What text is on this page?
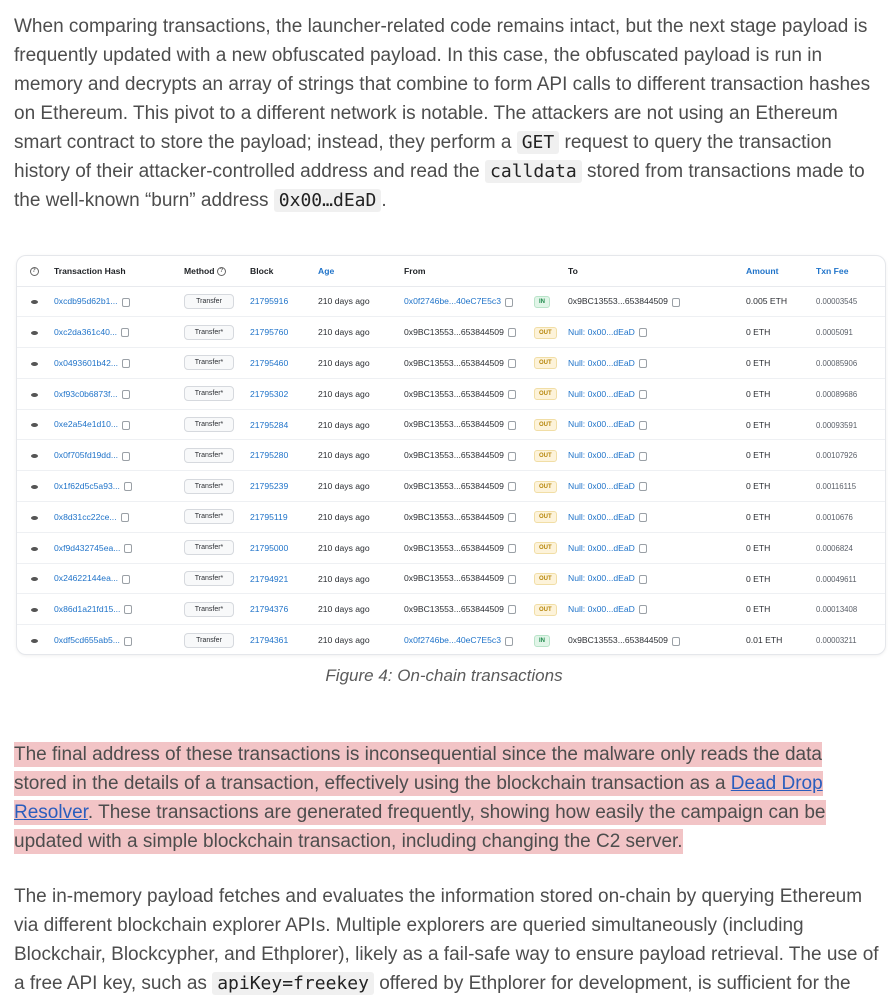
When comparing transactions, the launcher-related code remains intact, but the next stage payload is frequently updated with a new obfuscated payload. In this case, the obfuscated payload is run in memory and decrypts an array of strings that combine to form API calls to different transaction hashes on Ethereum. This pivot to a different network is notable. The attackers are not using an Ethereum smart contract to store the payload; instead, they perform a GET request to query the transaction history of their attacker-controlled address and read the calldata stored from transactions made to the well-known “burn” address 0x00…dEaD .

?	Transaction Hash	Method ?	Block	Age	From		To	Amount	Txn Fee
	0xcdb95d62b1...	Transfer	21795916	210 days ago	0x0f2746be...40eC7E5c3	IN	0x9BC13553...653844509	0.005 ETH	0.00003545
	0xc2da361c40...	Transfer*	21795760	210 days ago	0x9BC13553...653844509	OUT	Null: 0x00...dEaD	0 ETH	0.0005091
	0x0493601b42...	Transfer*	21795460	210 days ago	0x9BC13553...653844509	OUT	Null: 0x00...dEaD	0 ETH	0.00085906
	0xf93c0b6873f...	Transfer*	21795302	210 days ago	0x9BC13553...653844509	OUT	Null: 0x00...dEaD	0 ETH	0.00089686
	0xe2a54e1d10...	Transfer*	21795284	210 days ago	0x9BC13553...653844509	OUT	Null: 0x00...dEaD	0 ETH	0.00093591
	0x0f705fd19dd...	Transfer*	21795280	210 days ago	0x9BC13553...653844509	OUT	Null: 0x00...dEaD	0 ETH	0.00107926
	0x1f62d5c5a93...	Transfer*	21795239	210 days ago	0x9BC13553...653844509	OUT	Null: 0x00...dEaD	0 ETH	0.00116115
	0x8d31cc22ce...	Transfer*	21795119	210 days ago	0x9BC13553...653844509	OUT	Null: 0x00...dEaD	0 ETH	0.0010676
	0xf9d432745ea...	Transfer*	21795000	210 days ago	0x9BC13553...653844509	OUT	Null: 0x00...dEaD	0 ETH	0.0006824
	0x24622144ea...	Transfer*	21794921	210 days ago	0x9BC13553...653844509	OUT	Null: 0x00...dEaD	0 ETH	0.00049611
	0x86d1a21fd15...	Transfer*	21794376	210 days ago	0x9BC13553...653844509	OUT	Null: 0x00...dEaD	0 ETH	0.00013408
	0xdf5cd655ab5...	Transfer	21794361	210 days ago	0x0f2746be...40eC7E5c3	IN	0x9BC13553...653844509	0.01 ETH	0.00003211
Figure 4: On-chain transactions

The final address of these transactions is inconsequential since the malware only reads the data stored in the details of a transaction, effectively using the blockchain transaction as a Dead Drop Resolver. These transactions are generated frequently, showing how easily the campaign can be updated with a simple blockchain transaction, including changing the C2 server.

The in-memory payload fetches and evaluates the information stored on-chain by querying Ethereum via different blockchain explorer APIs. Multiple explorers are queried simultaneously (including Blockchair, Blockcypher, and Ethplorer), likely as a fail-safe way to ensure payload retrieval. The use of a free API key, such as apiKey=freekey offered by Ethplorer for development, is sufficient for the
